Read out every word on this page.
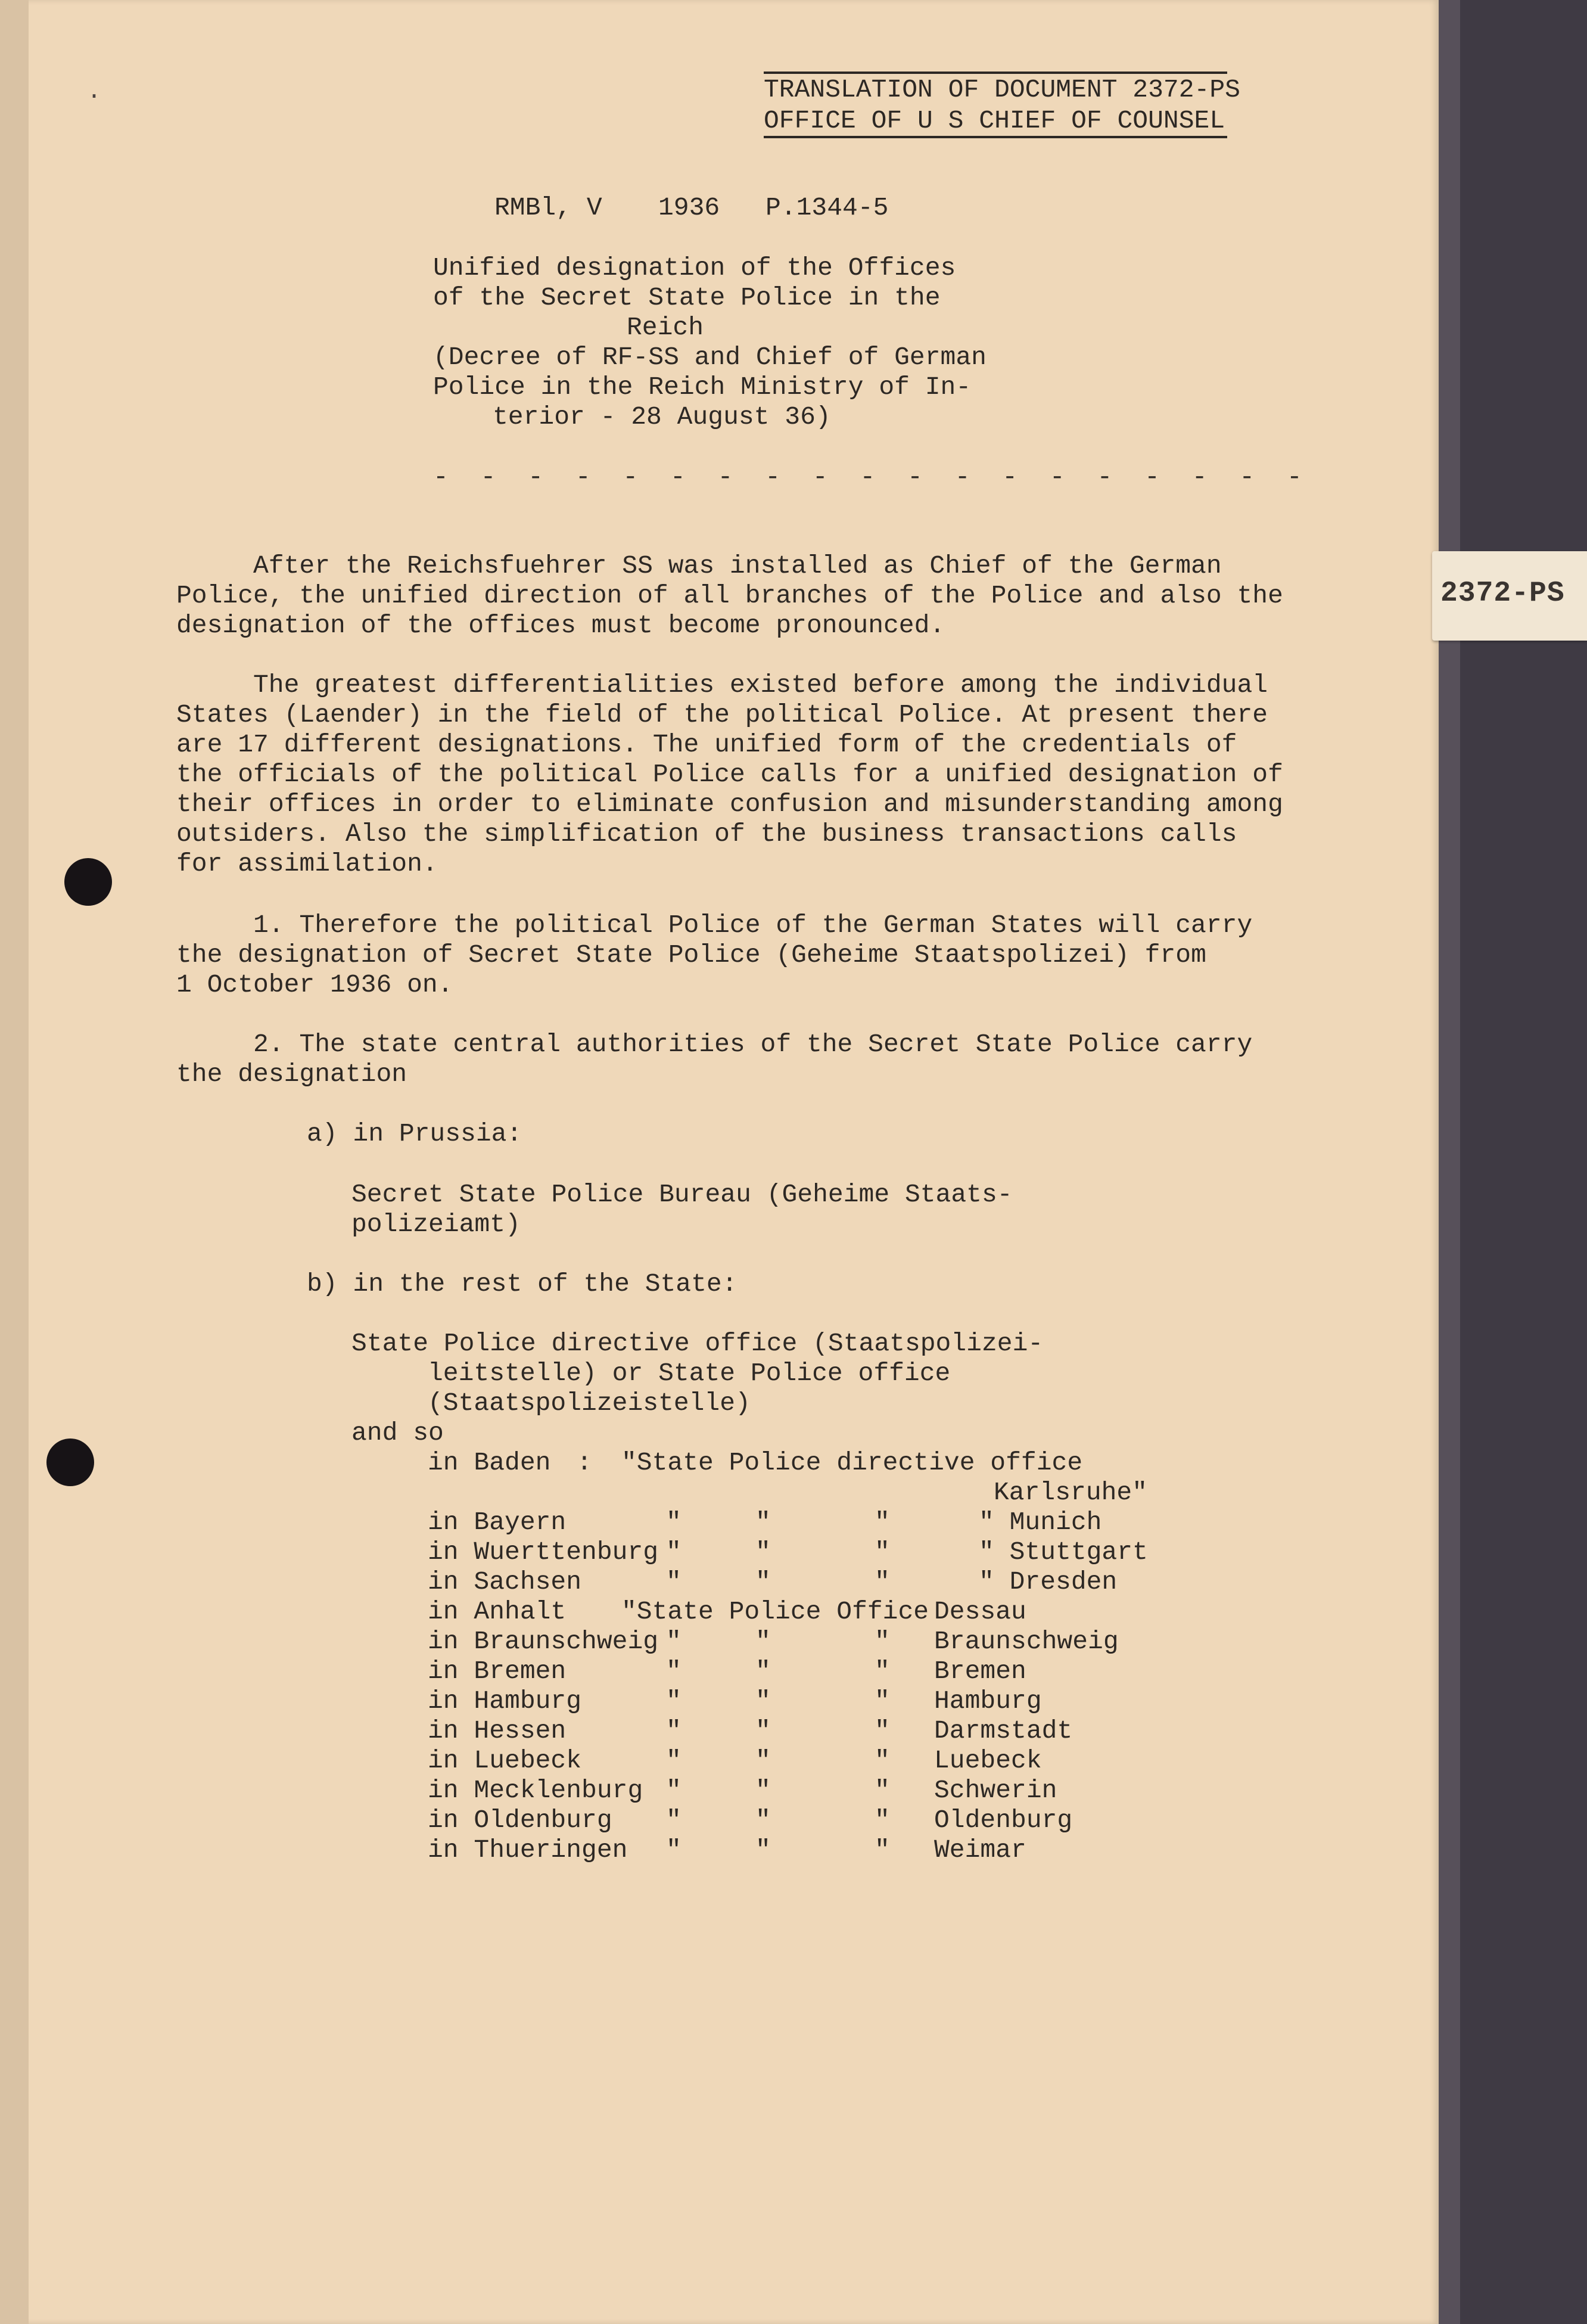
2372-PS
·	TRANSLATION OF DOCUMENT 2372-PS
OFFICE OF U S CHIEF OF COUNSEL
RMBl, V 1936 P.1344-5
Unified designation of the Offices
of the Secret State Police in the
Reich
(Decree of RF-SS and Chief of German
Police in the Reich Ministry of In-
terior - 28 August 36)
- - - - - - - - - - - - - - - - - - -
After the Reichsfuehrer SS was installed as Chief of the German
Police, the unified direction of all branches of the Police and also the
designation of the offices must become pronounced.
The greatest differentialities existed before among the individual
States (Laender) in the field of the political Police. At present there
are 17 different designations. The unified form of the credentials of
the officials of the political Police calls for a unified designation of
their offices in order to eliminate confusion and misunderstanding among
outsiders. Also the simplification of the business transactions calls
for assimilation.
1. Therefore the political Police of the German States will carry
the designation of Secret State Police (Geheime Staatspolizei) from
1 October 1936 on.
2. The state central authorities of the Secret State Police carry
the designation
a) in Prussia:
Secret State Police Bureau (Geheime Staats-
polizeiamt)
b) in the rest of the State:
State Police directive office (Staatspolizei-
leitstelle) or State Police office
(Staatspolizeistelle)
and so
in Baden : "State Police directive office
Karlsruhe"
in Bayern	"	"	"	" Munich
in Wuerttenburg "	"	"	" Stuttgart
in Sachsen	"	"	"	" Dresden
in Anhalt "State Police Office Dessau
in Braunschweig "	"	" Braunschweig
in Bremen	"	"	" Bremen
in Hamburg	"	"	" Hamburg
in Hessen	"	"	" Darmstadt
in Luebeck	"	"	" Luebeck
in Mecklenburg "	"	" Schwerin
in Oldenburg "	"	" Oldenburg
in Thueringen "	"	" Weimar
